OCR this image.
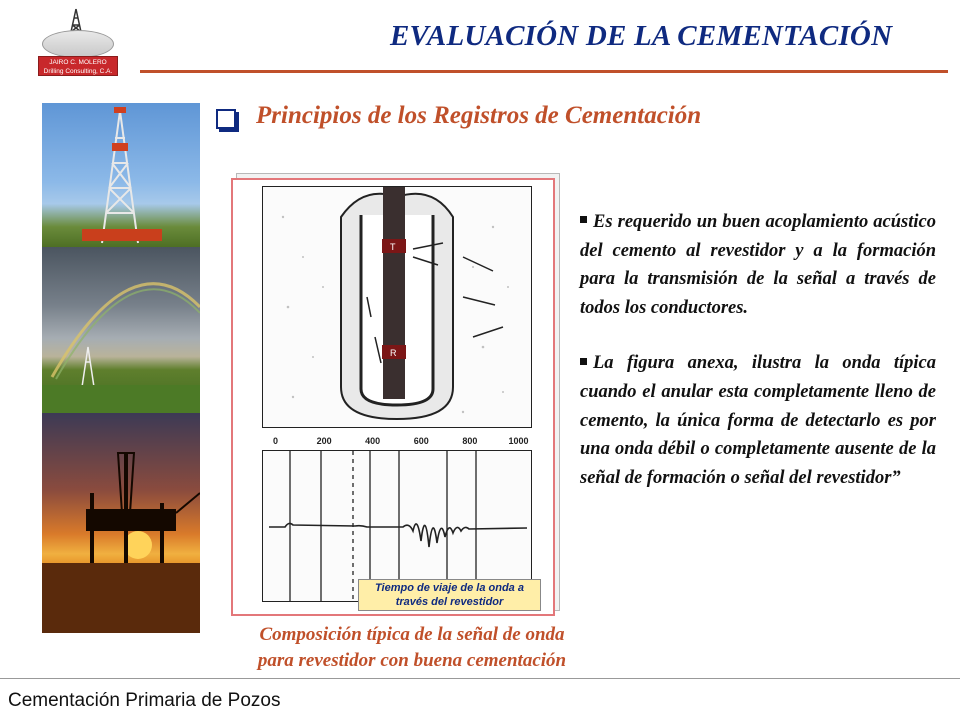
JAIRO C. MOLERO
Drilling Consulting, C.A.
EVALUACIÓN DE LA CEMENTACIÓN
Principios de los Registros de Cementación
T
R
0	200	400	600	800	1000
Tiempo de viaje de la onda a través del revestidor
Composición típica de la señal de onda
para revestidor con buena cementación
Es requerido un buen acoplamiento acústico del cemento al revestidor y a la formación para la transmisión de la señal a través de todos los conductores.
La figura anexa, ilustra la onda típica cuando el anular esta completamente lleno de cemento, la única forma de detectarlo es por una onda débil o completamente ausente de la señal de formación o señal del revestidor”
Cementación Primaria de Pozos
